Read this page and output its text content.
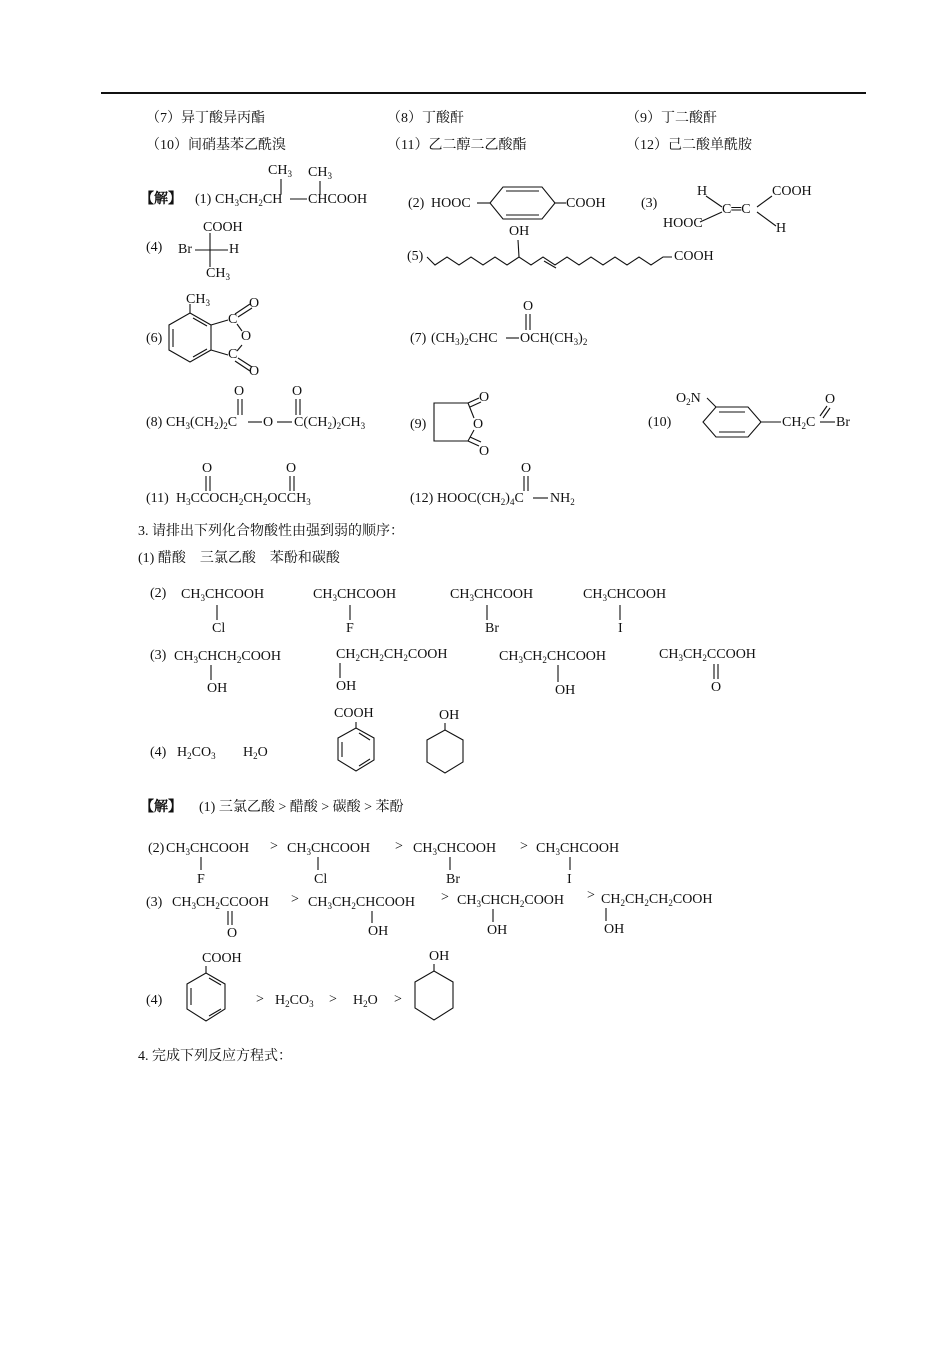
（7）异丁酸异丙酯	（8）丁酸酐	（9）丁二酸酐
（10）间硝基苯乙酰溴	（11）乙二醇二乙酸酯	（12）己二酸单酰胺
【解】 (1) $CH_3CH_2CH$ CHCOOH
$CH_3$ $CH_3$
(2) HOOC	COOH	(3)
H	COOH
C═C
HOOC	H
(4)
COOH
Br	H
$CH_3$
(5)
OH
COOH
(6)
$CH_3$	O
C
O
C
O
(7) $(CH_3)_2CHC$ $OCH(CH_3)_2$
O
(8) $CH_3(CH_2)_2C$ O $C(CH_2)_2CH_3$
O	O
(9)
O
O
O
(10)
$O_2N$
$CH_2C$ Br
O
(11) $H_3CCOCH_2CH_2OCCH_3$
O	O
(12) $HOOC(CH_2)_4C$ $NH_2$
O
3. 请排出下列化合物酸性由强到弱的顺序：
(1) 醋酸　三氯乙酸　苯酚和碳酸
(2) $CH_3CHCOOH$
Cl
$CH_3CHCOOH$
F
$CH_3CHCOOH$
Br
$CH_3CHCOOH$
I
(3) $CH_3CHCH_2COOH$
OH
$CH_2CH_2CH_2COOH$
OH
$CH_3CH_2CHCOOH$
OH
$CH_3CH_2CCOOH$
O
(4) $H_2CO_3$ $H_2O$
COOH	OH
【解】 (1) 三氯乙酸 > 醋酸 > 碳酸 > 苯酚
(2) $CH_3CHCOOH$
F
> $CH_3CHCOOH$
Cl
> $CH_3CHCOOH$
Br
> $CH_3CHCOOH$
I
(3) $CH_3CH_2CCOOH$
O
> $CH_3CH_2CHCOOH$
OH
> $CH_3CHCH_2COOH$
OH
> $CH_2CH_2CH_2COOH$
OH
(4)
COOH
> $H_2CO_3 > H_2O$ >
OH
4. 完成下列反应方程式：
